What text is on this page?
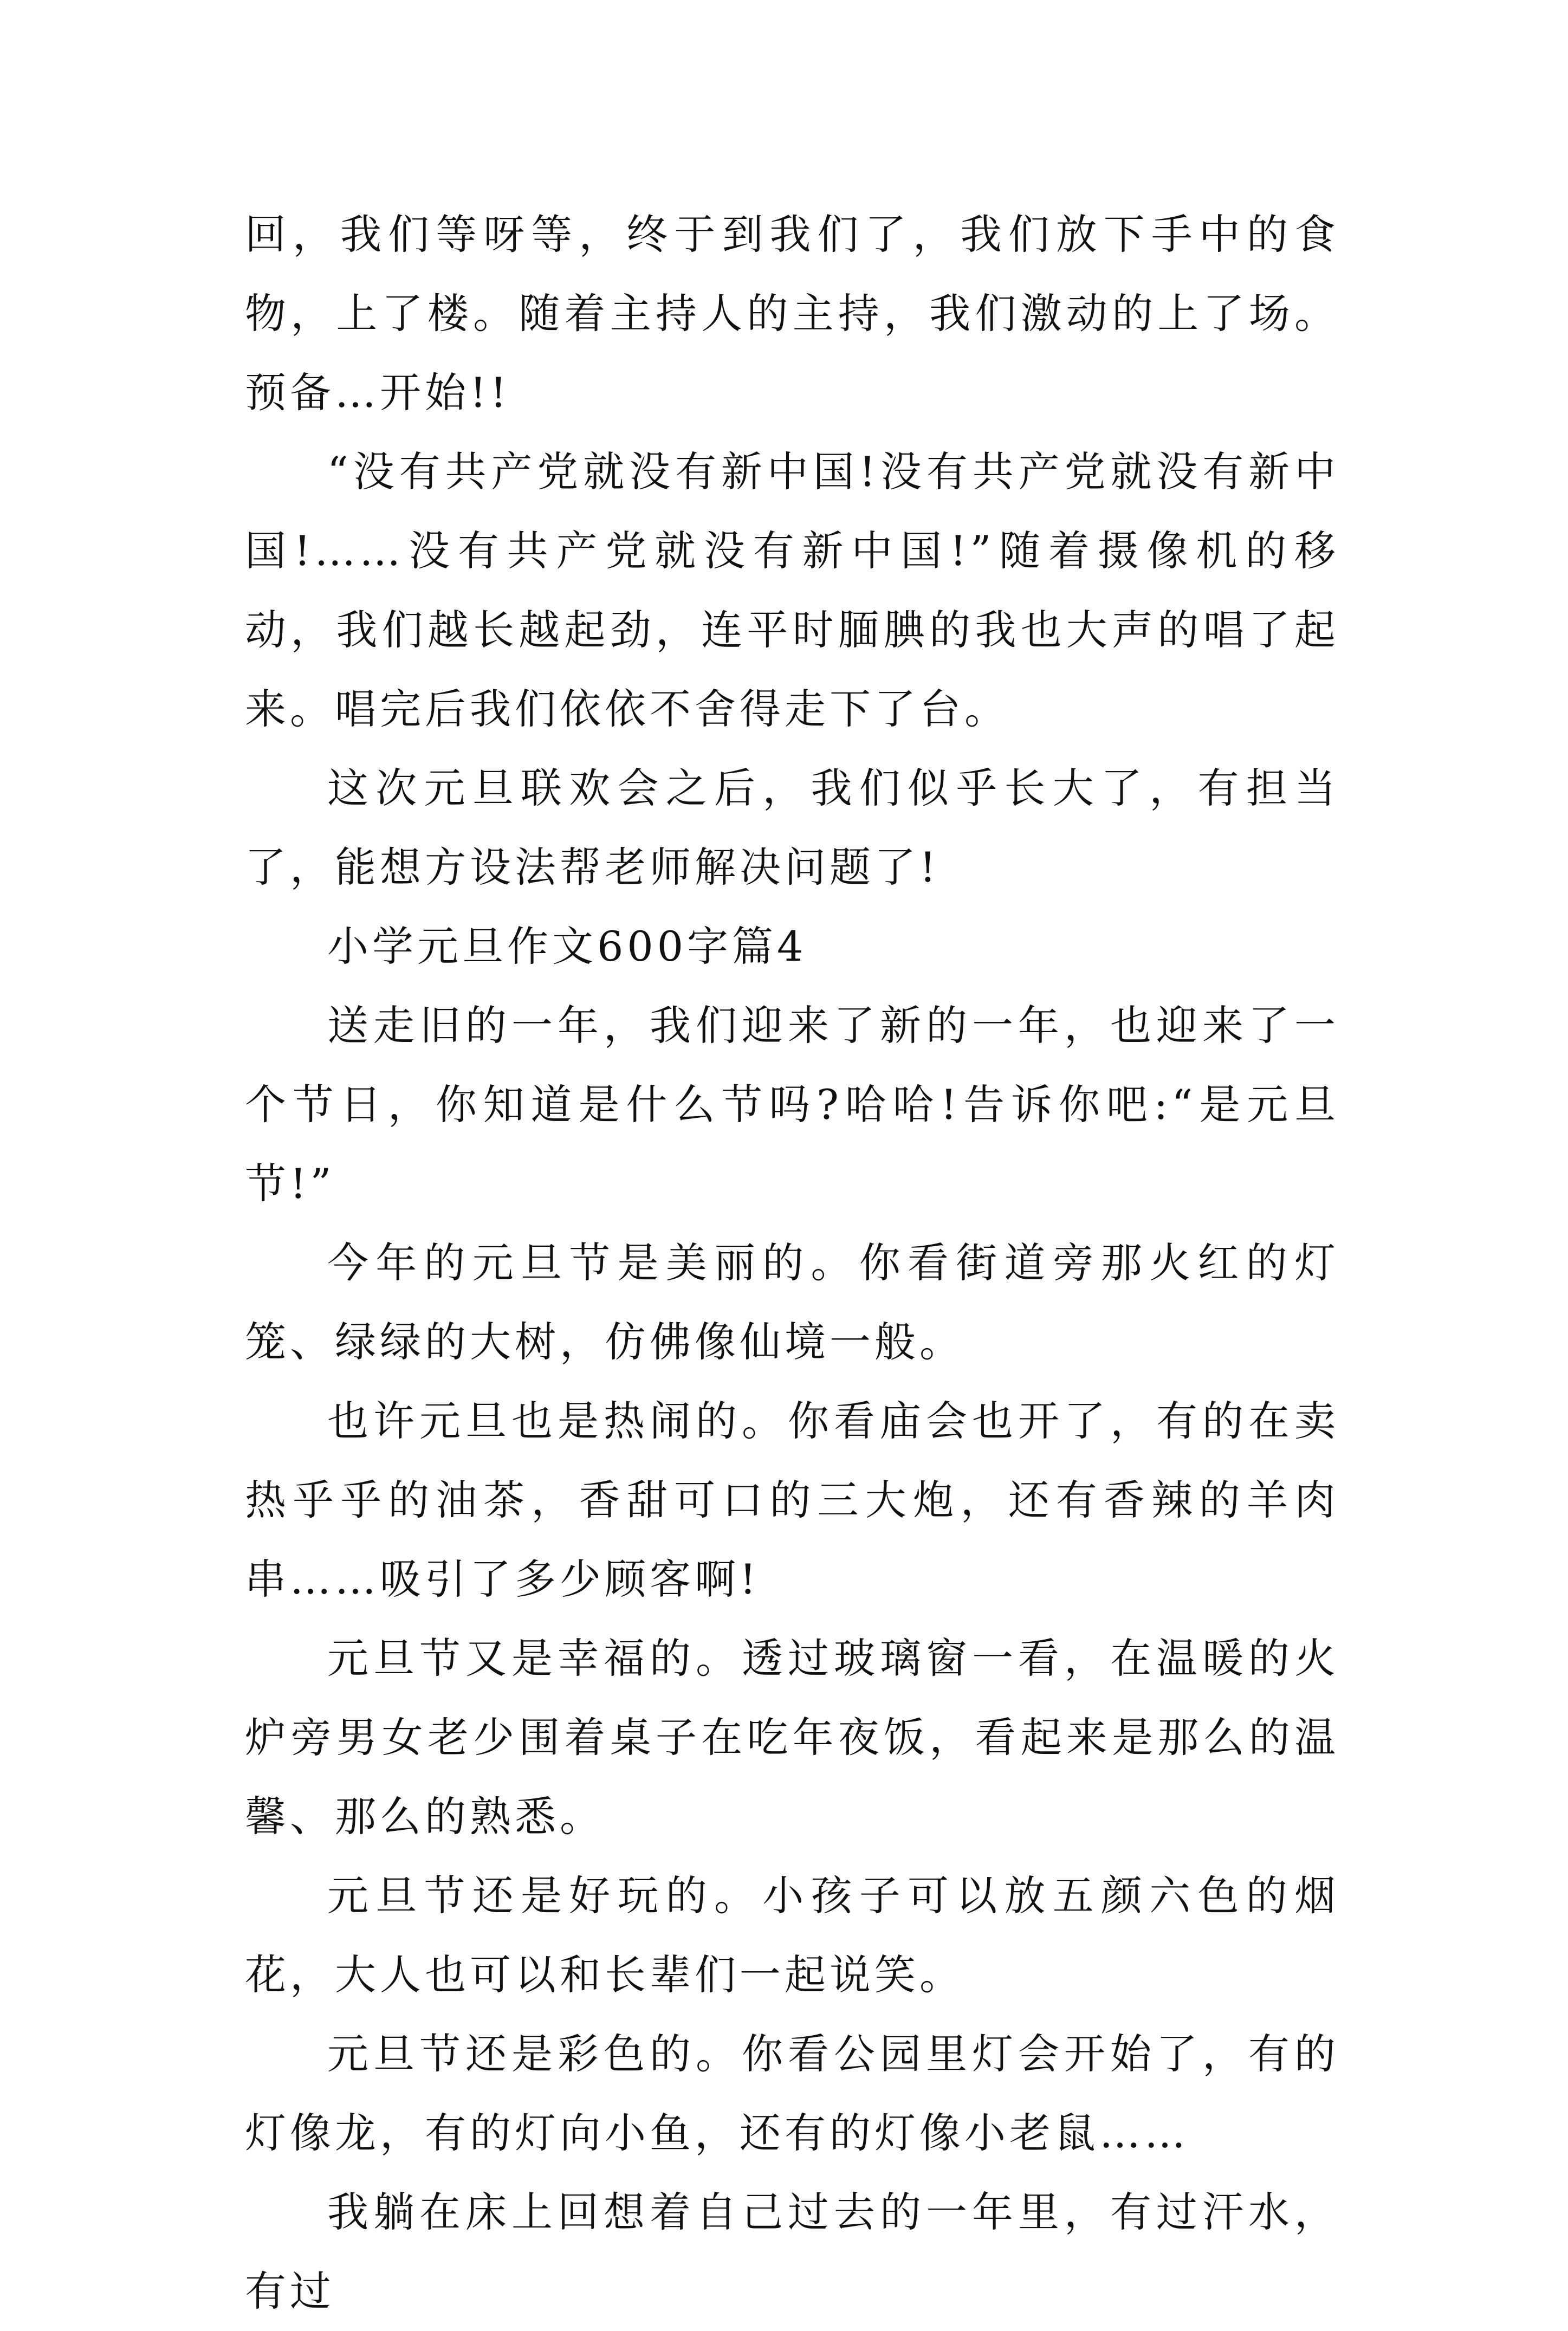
回，我们等呀等，终于到我们了，我们放下手中的食物，上了楼。随着主持人的主持，我们激动的上了场。预备…开始!!

“没有共产党就没有新中国!没有共产党就没有新中国!……没有共产党就没有新中国!”随着摄像机的移动，我们越长越起劲，连平时腼腆的我也大声的唱了起来。唱完后我们依依不舍得走下了台。

这次元旦联欢会之后，我们似乎长大了，有担当了，能想方设法帮老师解决问题了!

小学元旦作文600字篇4

送走旧的一年，我们迎来了新的一年，也迎来了一个节日，你知道是什么节吗?哈哈!告诉你吧:“是元旦节!”

今年的元旦节是美丽的。你看街道旁那火红的灯笼、绿绿的大树，仿佛像仙境一般。

也许元旦也是热闹的。你看庙会也开了，有的在卖热乎乎的油茶，香甜可口的三大炮，还有香辣的羊肉串……吸引了多少顾客啊!

元旦节又是幸福的。透过玻璃窗一看，在温暖的火炉旁男女老少围着桌子在吃年夜饭，看起来是那么的温馨、那么的熟悉。

元旦节还是好玩的。小孩子可以放五颜六色的烟花，大人也可以和长辈们一起说笑。

元旦节还是彩色的。你看公园里灯会开始了，有的灯像龙，有的灯向小鱼，还有的灯像小老鼠……

我躺在床上回想着自己过去的一年里，有过汗水，有过
